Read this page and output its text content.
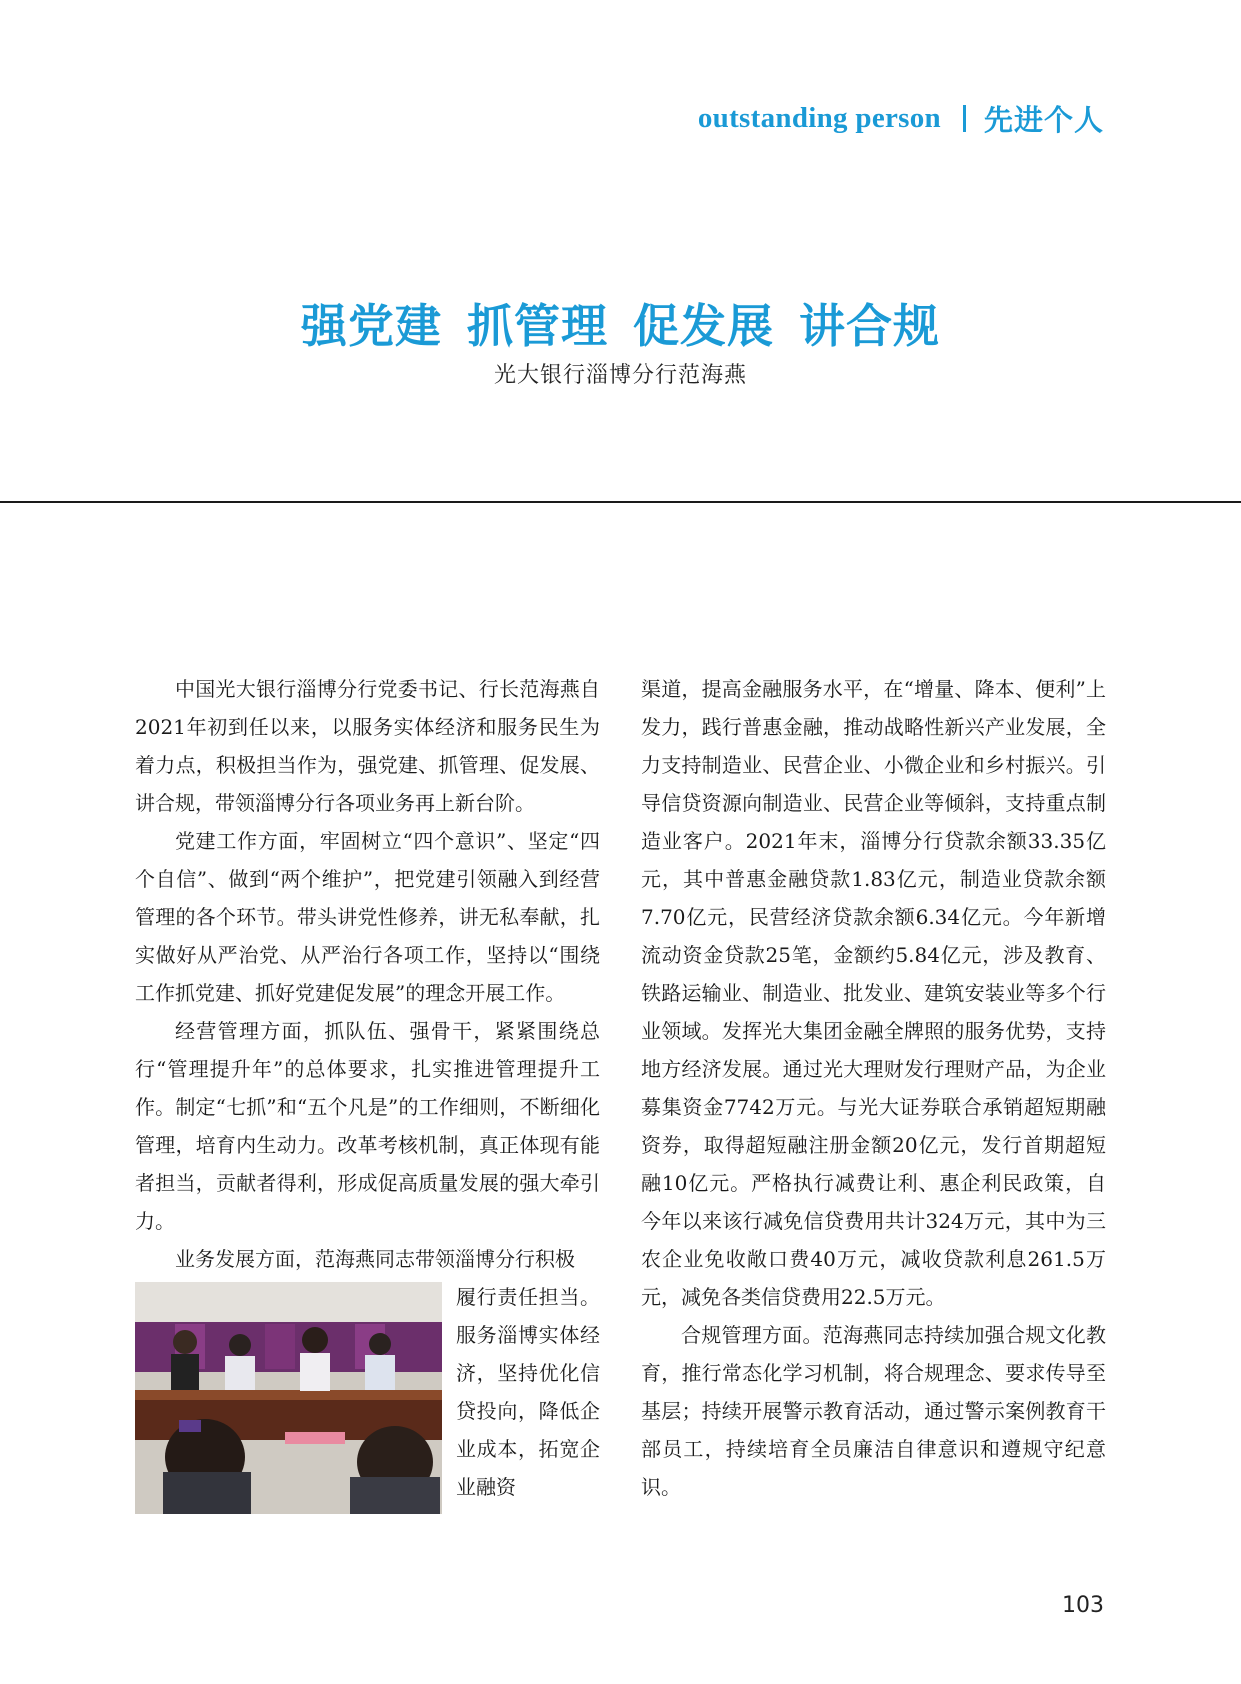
outstanding person 先进个人
强党建 抓管理 促发展 讲合规
光大银行淄博分行范海燕

中国光大银行淄博分行党委书记、行长范海燕自2021年初到任以来，以服务实体经济和服务民生为着力点，积极担当作为，强党建、抓管理、促发展、讲合规，带领淄博分行各项业务再上新台阶。

党建工作方面，牢固树立“四个意识”、坚定“四个自信”、做到“两个维护”，把党建引领融入到经营管理的各个环节。带头讲党性修养，讲无私奉献，扎实做好从严治党、从严治行各项工作，坚持以“围绕工作抓党建、抓好党建促发展”的理念开展工作。

经营管理方面，抓队伍、强骨干，紧紧围绕总行“管理提升年”的总体要求，扎实推进管理提升工作。制定“七抓”和“五个凡是”的工作细则，不断细化管理，培育内生动力。改革考核机制，真正体现有能者担当，贡献者得利，形成促高质量发展的强大牵引力。

业务发展方面，范海燕同志带领淄博分行积极

履行责任担当。服务淄博实体经济，坚持优化信贷投向，降低企业成本，拓宽企业融资

渠道，提高金融服务水平，在“增量、降本、便利”上发力，践行普惠金融，推动战略性新兴产业发展，全力支持制造业、民营企业、小微企业和乡村振兴。引导信贷资源向制造业、民营企业等倾斜，支持重点制造业客户。2021年末，淄博分行贷款余额33.35亿元，其中普惠金融贷款1.83亿元，制造业贷款余额7.70亿元，民营经济贷款余额6.34亿元。今年新增流动资金贷款25笔，金额约5.84亿元，涉及教育、铁路运输业、制造业、批发业、建筑安装业等多个行业领域。发挥光大集团金融全牌照的服务优势，支持地方经济发展。通过光大理财发行理财产品，为企业募集资金7742万元。与光大证券联合承销超短期融资券，取得超短融注册金额20亿元，发行首期超短融10亿元。严格执行减费让利、惠企利民政策，自今年以来该行减免信贷费用共计324万元，其中为三农企业免收敞口费40万元，减收贷款利息261.5万元，减免各类信贷费用22.5万元。

合规管理方面。范海燕同志持续加强合规文化教育，推行常态化学习机制，将合规理念、要求传导至基层；持续开展警示教育活动，通过警示案例教育干部员工，持续培育全员廉洁自律意识和遵规守纪意识。

103
